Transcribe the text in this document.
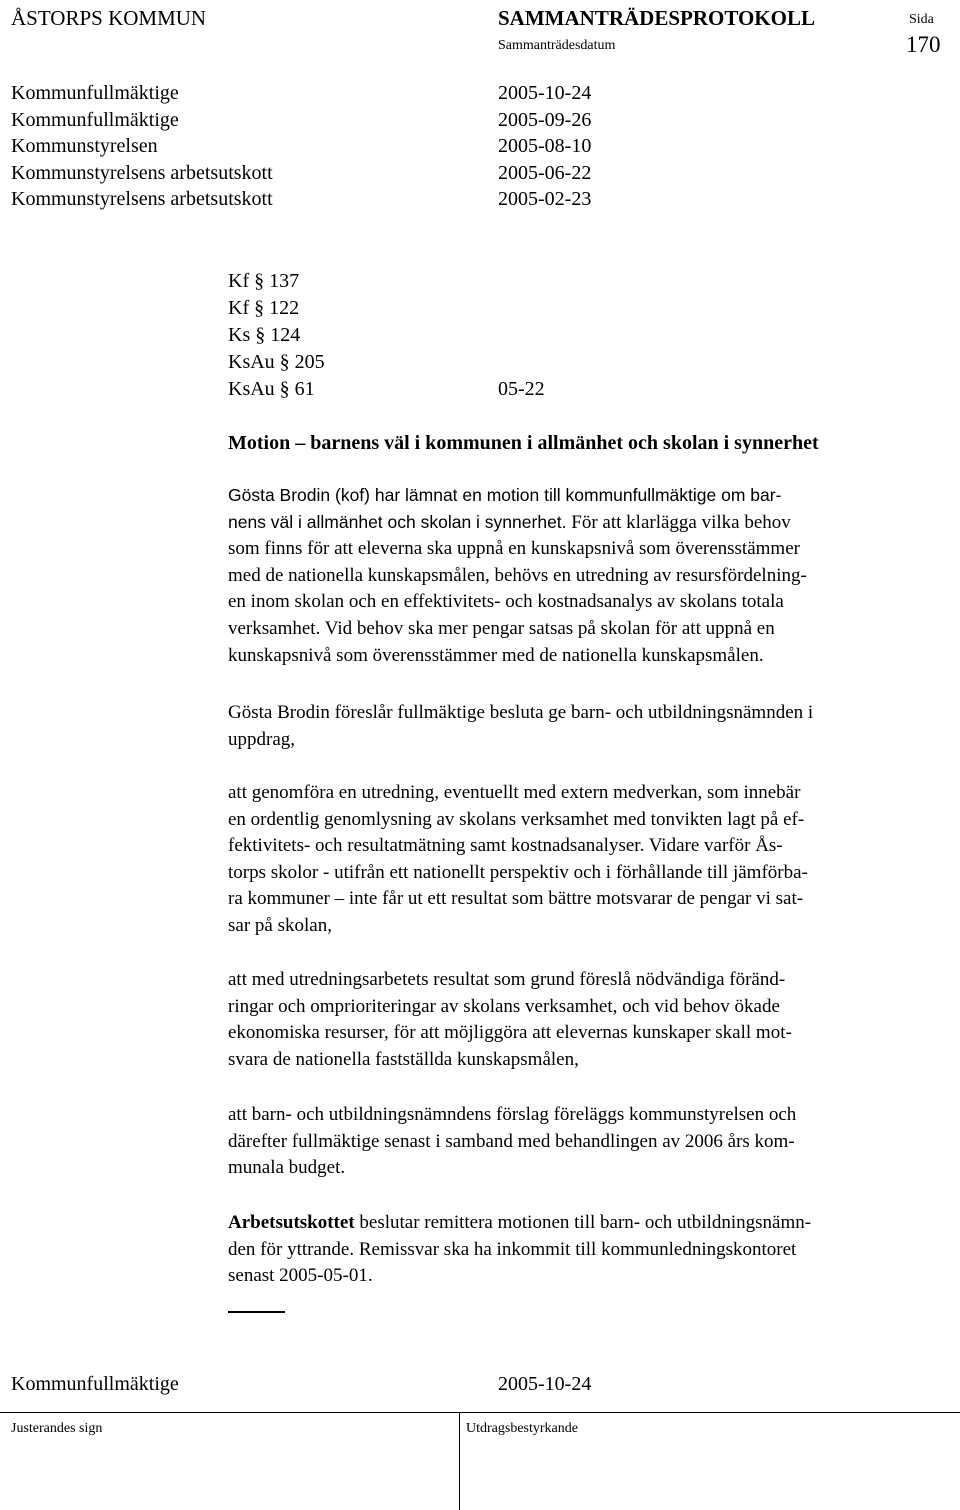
ÅSTORPS KOMMUN	SAMMANTRÄDESPROTOKOLL	Sida
Sammanträdesdatum	170
Kommunfullmäktige	2005-10-24
Kommunfullmäktige	2005-09-26
Kommunstyrelsen	2005-08-10
Kommunstyrelsens arbetsutskott	2005-06-22
Kommunstyrelsens arbetsutskott	2005-02-23
Kf § 137
Kf § 122
Ks § 124
KsAu § 205
KsAu § 61	05-22
Motion – barnens väl i kommunen i allmänhet och skolan i synnerhet
Gösta Brodin (kof) har lämnat en motion till kommunfullmäktige om bar-
nens väl i allmänhet och skolan i synnerhet. För att klarlägga vilka behov
som finns för att eleverna ska uppnå en kunskapsnivå som överensstämmer
med de nationella kunskapsmålen, behövs en utredning av resursfördelning-
en inom skolan och en effektivitets- och kostnadsanalys av skolans totala
verksamhet. Vid behov ska mer pengar satsas på skolan för att uppnå en
kunskapsnivå som överensstämmer med de nationella kunskapsmålen.
Gösta Brodin föreslår fullmäktige besluta ge barn- och utbildningsnämnden i
uppdrag,
att genomföra en utredning, eventuellt med extern medverkan, som innebär
en ordentlig genomlysning av skolans verksamhet med tonvikten lagt på ef-
fektivitets- och resultatmätning samt kostnadsanalyser. Vidare varför Ås-
torps skolor - utifrån ett nationellt perspektiv och i förhållande till jämförba-
ra kommuner – inte får ut ett resultat som bättre motsvarar de pengar vi sat-
sar på skolan,
att med utredningsarbetets resultat som grund föreslå nödvändiga föränd-
ringar och omprioriteringar av skolans verksamhet, och vid behov ökade
ekonomiska resurser, för att möjliggöra att elevernas kunskaper skall mot-
svara de nationella fastställda kunskapsmålen,
att barn- och utbildningsnämndens förslag föreläggs kommunstyrelsen och
därefter fullmäktige senast i samband med behandlingen av 2006 års kom-
munala budget.
Arbetsutskottet beslutar remittera motionen till barn- och utbildningsnämn-
den för yttrande. Remissvar ska ha inkommit till kommunledningskontoret
senast 2005-05-01.
Kommunfullmäktige	2005-10-24
Justerandes sign	Utdragsbestyrkande
